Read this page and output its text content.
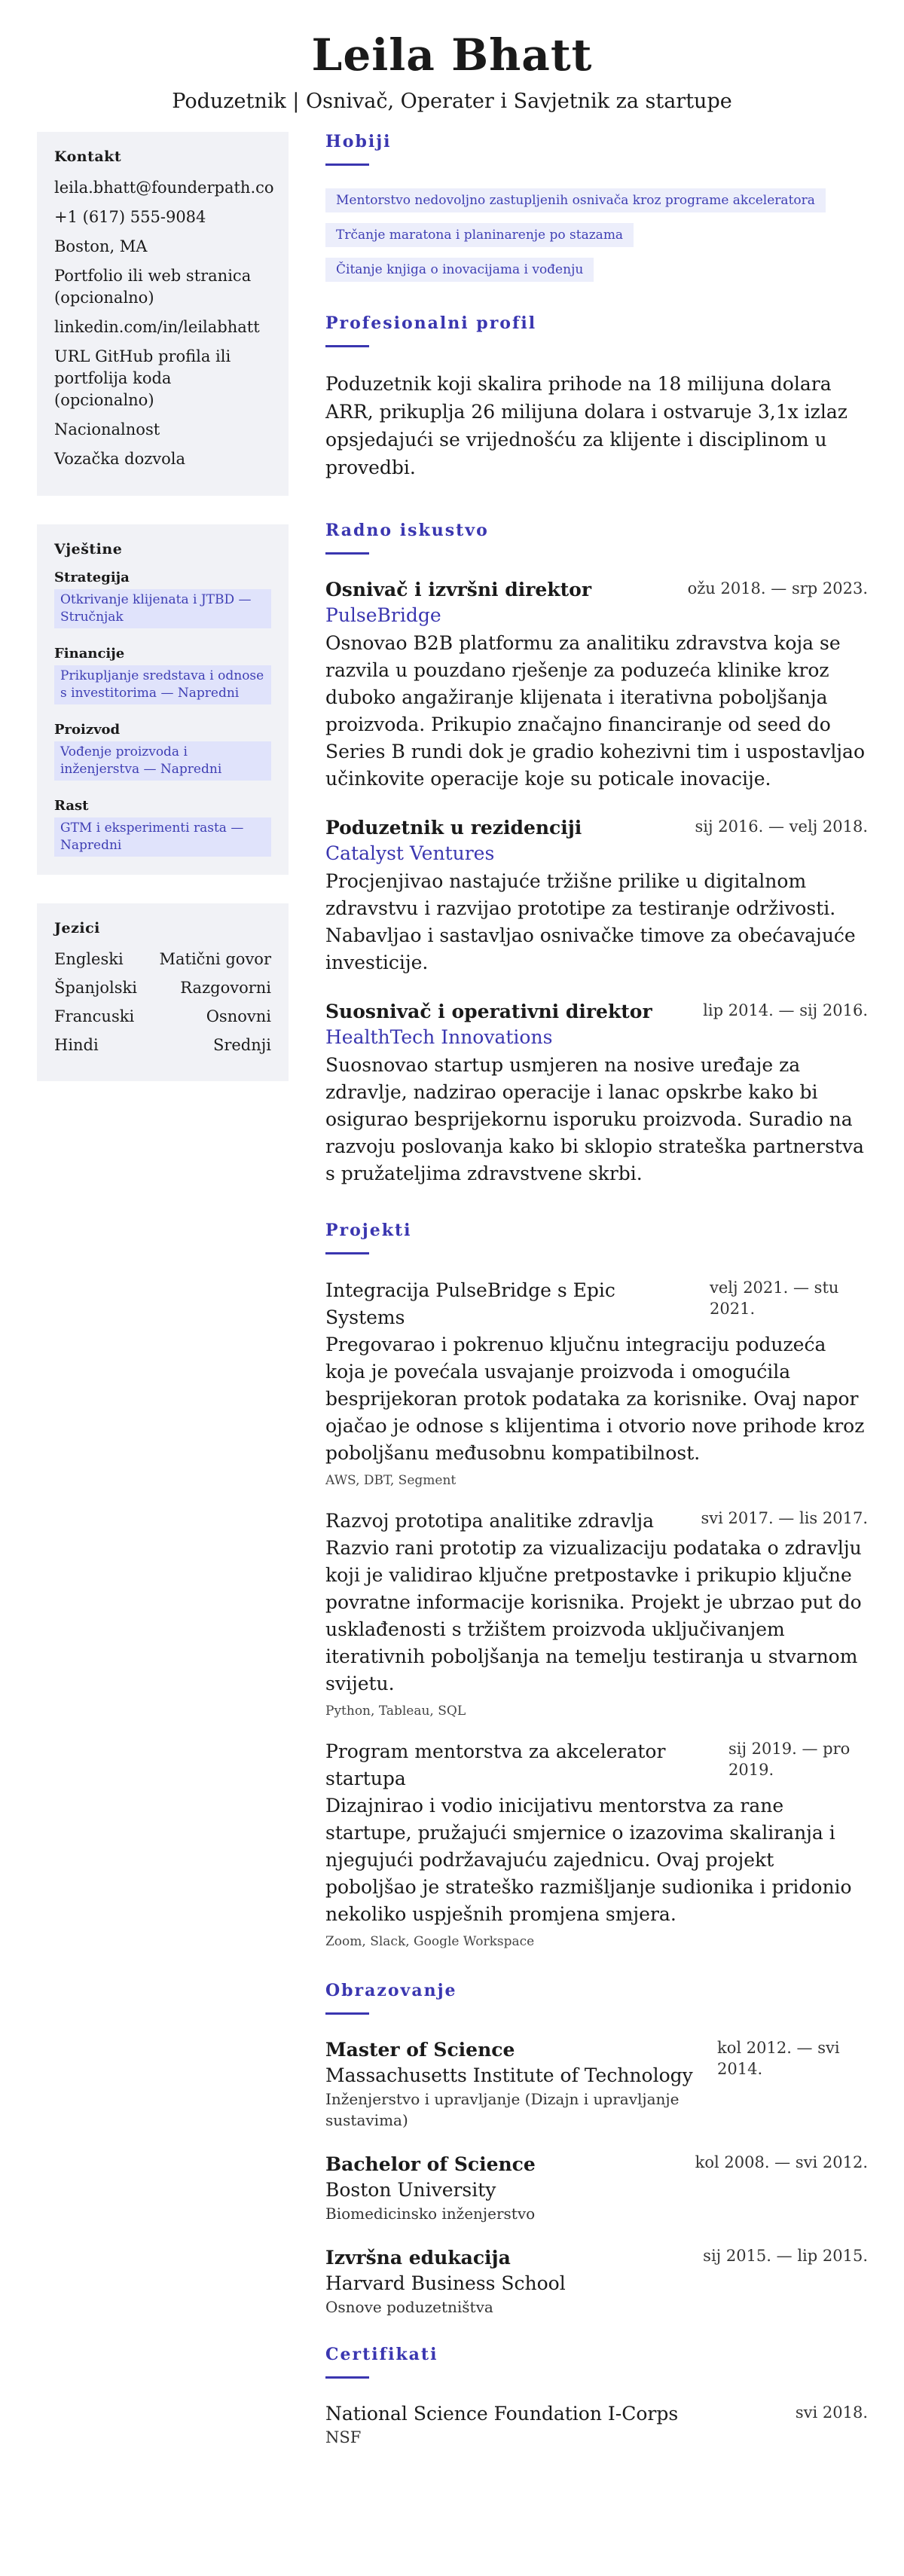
Leila Bhatt
Poduzetnik | Osnivač, Operater i Savjetnik za startupe
Kontakt
leila.bhatt@founderpath.co
+1 (617) 555-9084
Boston, MA
Portfolio ili web stranica (opcionalno)
linkedin.com/in/leilabhatt
URL GitHub profila ili portfolija koda (opcionalno)
Nacionalnost
Vozačka dozvola
Vještine
Strategija
Otkrivanje klijenata i JTBD — Stručnjak
Financije
Prikupljanje sredstava i odnose s investitorima — Napredni
Proizvod
Vođenje proizvoda i inženjerstva — Napredni
Rast
GTM i eksperimenti rasta — Napredni
Jezici
Engleski Matični govor
Španjolski	Razgovorni
Francuski	Osnovni
Hindi	Srednji
Hobiji
Mentorstvo nedovoljno zastupljenih osnivača kroz programe akceleratora
Trčanje maratona i planinarenje po stazama
Čitanje knjiga o inovacijama i vođenju
Profesionalni profil

Poduzetnik koji skalira prihode na 18 milijuna dolara ARR, prikuplja 26 milijuna dolara i ostvaruje 3,1x izlaz opsjedajući se vrijednošću za klijente i disciplinom u provedbi.

Radno iskustvo
Osnivač i izvršni direktor	ožu 2018. — srp 2023.
PulseBridge

Osnovao B2B platformu za analitiku zdravstva koja se razvila u pouzdano rješenje za poduzeća klinike kroz duboko angažiranje klijenata i iterativna poboljšanja proizvoda. Prikupio značajno financiranje od seed do Series B rundi dok je gradio kohezivni tim i uspostavljao učinkovite operacije koje su poticale inovacije.

Poduzetnik u rezidenciji	sij 2016. — velj 2018.
Catalyst Ventures

Procjenjivao nastajuće tržišne prilike u digitalnom zdravstvu i razvijao prototipe za testiranje održivosti. Nabavljao i sastavljao osnivačke timove za obećavajuće investicije.

Suosnivač i operativni direktor	lip 2014. — sij 2016.
HealthTech Innovations

Suosnovao startup usmjeren na nosive uređaje za zdravlje, nadzirao operacije i lanac opskrbe kako bi osigurao besprijekornu isporuku proizvoda. Suradio na razvoju poslovanja kako bi sklopio strateška partnerstva s pružateljima zdravstvene skrbi.

Projekti
Integracija PulseBridge s Epic Systems
velj 2021. — stu 2021.

Pregovarao i pokrenuo ključnu integraciju poduzeća koja je povećala usvajanje proizvoda i omogućila besprijekoran protok podataka za korisnike. Ovaj napor ojačao je odnose s klijentima i otvorio nove prihode kroz poboljšanu međusobnu kompatibilnost.

AWS, DBT, Segment
Razvoj prototipa analitike zdravlja	svi 2017. — lis 2017.

Razvio rani prototip za vizualizaciju podataka o zdravlju koji je validirao ključne pretpostavke i prikupio ključne povratne informacije korisnika. Projekt je ubrzao put do usklađenosti s tržištem proizvoda uključivanjem iterativnih poboljšanja na temelju testiranja u stvarnom svijetu.

Python, Tableau, SQL
Program mentorstva za akcelerator startupa
sij 2019. — pro 2019.

Dizajnirao i vodio inicijativu mentorstva za rane startupe, pružajući smjernice o izazovima skaliranja i njegujući podržavajuću zajednicu. Ovaj projekt poboljšao je strateško razmišljanje sudionika i pridonio nekoliko uspješnih promjena smjera.

Zoom, Slack, Google Workspace
Obrazovanje
Master of Science
Massachusetts Institute of Technology
Inženjerstvo i upravljanje (Dizajn i upravljanje sustavima)
kol 2012. — svi 2014.
Bachelor of Science
Boston University
Biomedicinsko inženjerstvo
kol 2008. — svi 2012.
Izvršna edukacija
Harvard Business School
Osnove poduzetništva
sij 2015. — lip 2015.
Certifikati
National Science Foundation I-Corps	svi 2018.
NSF
